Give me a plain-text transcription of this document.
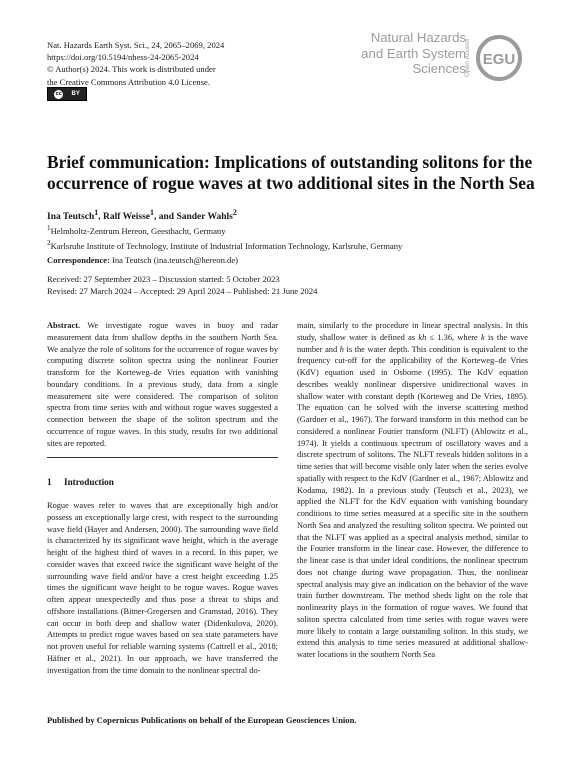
Nat. Hazards Earth Syst. Sci., 24, 2065–2069, 2024
https://doi.org/10.5194/nhess-24-2065-2024
© Author(s) 2024. This work is distributed under
the Creative Commons Attribution 4.0 License.
cc BY
Natural Hazards
and Earth System
Sciences
Open Access EGU
Brief communication: Implications of outstanding solitons for the
occurrence of rogue waves at two additional sites in the North Sea
Ina Teutsch$^1$, Ralf Weisse$^1$, and Sander Wahls$^2$
$^1$Helmholtz-Zentrum Hereon, Geesthacht, Germany
$^2$Karlsruhe Institute of Technology, Institute of Industrial Information Technology, Karlsruhe, Germany
Correspondence: Ina Teutsch (ina.teutsch@hereon.de)
Received: 27 September 2023 – Discussion started: 5 October 2023
Revised: 27 March 2024 – Accepted: 29 April 2024 – Published: 21 June 2024
Abstract. We investigate rogue waves in buoy and radar measurement data from shallow depths in the southern North Sea. We analyze the role of solitons for the occurrence of rogue waves by computing discrete soliton spectra using the nonlinear Fourier transform for the Korteweg–de Vries equation with vanishing boundary conditions. In a previous study, data from a single measurement site were considered. The comparison of soliton spectra from time series with and without rogue waves suggested a connection between the shape of the soliton spectrum and the occurrence of rogue waves. In this study, results for two additional sites are reported.
1 Introduction
Rogue waves refer to waves that are exceptionally high and/or possess an exceptionally large crest, with respect to the surrounding wave field (Hayer and Andersen, 2000). The surrounding wave field is characterized by its significant wave height, which is the average height of the highest third of waves in a record. In this paper, we consider waves that exceed twice the significant wave height of the surrounding wave field and/or have a crest height exceeding 1.25 times the significant wave height to be rogue waves. Rogue waves often appear unexpectedly and thus pose a threat to ships and offshore installations (Bitner-Gregersen and Gramstad, 2016). They can occur in both deep and shallow water (Didenkulova, 2020). Attempts to predict rogue waves based on sea state parameters have not proven useful for reliable warning systems (Cattrell et al., 2018; Häfner et al., 2021). In our approach, we have transferred the investigation from the time domain to the nonlinear spectral do-
main, similarly to the procedure in linear spectral analysis. In this study, shallow water is defined as kh ≤ 1.36, where k is the wave number and h is the water depth. This condition is equivalent to the frequency cut-off for the applicability of the Korteweg–de Vries (KdV) equation used in Osborne (1995). The KdV equation describes weakly nonlinear dispersive unidirectional waves in shallow water with constant depth (Korteweg and De Vries, 1895). The equation can be solved with the inverse scattering method (Gardner et al., 1967). The forward transform in this method can be considered a nonlinear Fourier transform (NLFT) (Ablowitz et al., 1974). It yields a continuous spectrum of oscillatory waves and a discrete spectrum of solitons. The NLFT reveals hidden solitons in a time series that will become visible only later when the series evolve spatially with respect to the KdV (Gardner et al., 1967; Ablowitz and Kodama, 1982). In a previous study (Teutsch et al., 2023), we applied the NLFT for the KdV equation with vanishing boundary conditions to time series measured at a specific site in the southern North Sea and analyzed the resulting soliton spectra. We pointed out that the NLFT was applied as a spectral analysis method, similar to the Fourier transform in the linear case. However, the difference to the linear case is that under ideal conditions, the nonlinear spectrum does not change during wave propagation. Thus, the nonlinear spectral analysis may give an indication on the behavior of the wave train further downstream. The method sheds light on the role that nonlinearity plays in the formation of rogue waves. We found that soliton spectra calculated from time series with rogue waves were more likely to contain a large outstanding soliton. In this study, we extend this analysis to time series measured at additional shallow-water locations in the southern North Sea
Published by Copernicus Publications on behalf of the European Geosciences Union.
